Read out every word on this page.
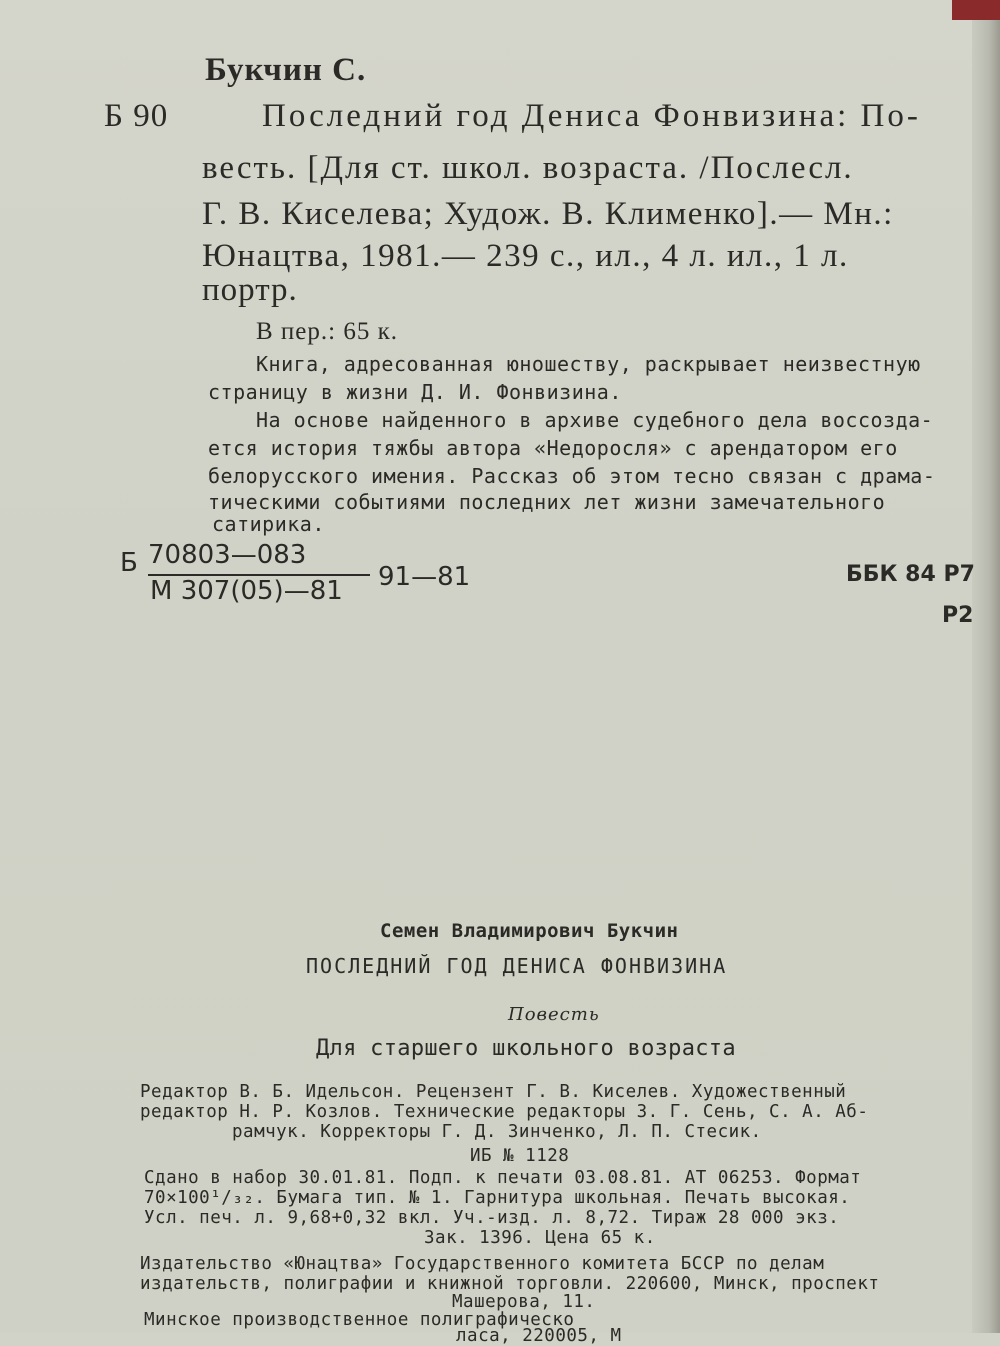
Букчин С.
Б 90	Последний год Дениса Фонвизина: По-
весть. [Для ст. школ. возраста. /Послесл.
Г. В. Киселева; Худож. В. Клименко].— Мн.:
Юнацтва, 1981.— 239 с., ил., 4 л. ил., 1 л.
портр.
В пер.: 65 к.
Книга, адресованная юношеству, раскрывает неизвестную
страницу в жизни Д. И. Фонвизина.
На основе найденного в архиве судебного дела воссозда-
ется история тяжбы автора «Недоросля» с арендатором его
белорусского имения. Рассказ об этом тесно связан с драма-
тическими событиями последних лет жизни замечательного
сатирика.
Б 70803—083
М 307(05)—81 91—81	ББК 84 Р7
Р2
Семен Владимирович Букчин
ПОСЛЕДНИЙ ГОД ДЕНИСА ФОНВИЗИНА
Повесть
Для старшего школьного возраста
Редактор В. Б. Идельсон. Рецензент Г. В. Киселев. Художественный
редактор Н. Р. Козлов. Технические редакторы З. Г. Сень, С. А. Аб-
рамчук. Корректоры Г. Д. Зинченко, Л. П. Стесик.
ИБ № 1128
Сдано в набор 30.01.81. Подп. к печати 03.08.81. АТ 06253. Формат
70×100¹/₃₂. Бумага тип. № 1. Гарнитура школьная. Печать высокая.
Усл. печ. л. 9,68+0,32 вкл. Уч.-изд. л. 8,72. Тираж 28 000 экз.
Зак. 1396. Цена 65 к.
Издательство «Юнацтва» Государственного комитета БССР по делам
издательств, полиграфии и книжной торговли. 220600, Минск, проспект
Машерова, 11.
Минское производственное полиграфическо
ласа, 220005, М
